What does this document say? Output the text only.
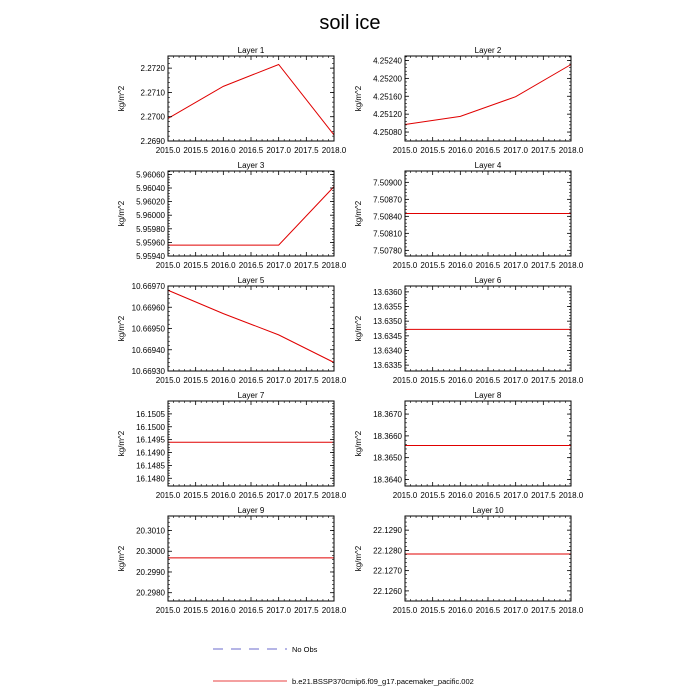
soil ice
Layer 1
2015.0 2015.5 2016.0 2016.5 2017.0 2017.5 2018.0
2.2690
2.2700
2.2710
2.2720
kg/m^2
Layer 2
2015.0 2015.5 2016.0 2016.5 2017.0 2017.5 2018.0
4.25080
4.25120
4.25160
4.25200
4.25240
kg/m^2
Layer 3
2015.0 2015.5 2016.0 2016.5 2017.0 2017.5 2018.0
5.95940
5.95960
5.95980
5.96000
5.96020
5.96040
5.96060
kg/m^2
Layer 4
2015.0 2015.5 2016.0 2016.5 2017.0 2017.5 2018.0
7.50780
7.50810
7.50840
7.50870
7.50900
kg/m^2
Layer 5
2015.0 2015.5 2016.0 2016.5 2017.0 2017.5 2018.0
10.66930
10.66940
10.66950
10.66960
10.66970
kg/m^2
Layer 6
2015.0 2015.5 2016.0 2016.5 2017.0 2017.5 2018.0
13.6335
13.6340
13.6345
13.6350
13.6355
13.6360
kg/m^2
Layer 7
2015.0 2015.5 2016.0 2016.5 2017.0 2017.5 2018.0
16.1480
16.1485
16.1490
16.1495
16.1500
16.1505
kg/m^2
Layer 8
2015.0 2015.5 2016.0 2016.5 2017.0 2017.5 2018.0
18.3640
18.3650
18.3660
18.3670
kg/m^2
Layer 9
2015.0 2015.5 2016.0 2016.5 2017.0 2017.5 2018.0
20.2980
20.2990
20.3000
20.3010
kg/m^2
Layer 10
2015.0 2015.5 2016.0 2016.5 2017.0 2017.5 2018.0
22.1260
22.1270
22.1280
22.1290
kg/m^2
No Obs
b.e21.BSSP370cmip6.f09_g17.pacemaker_pacific.002
